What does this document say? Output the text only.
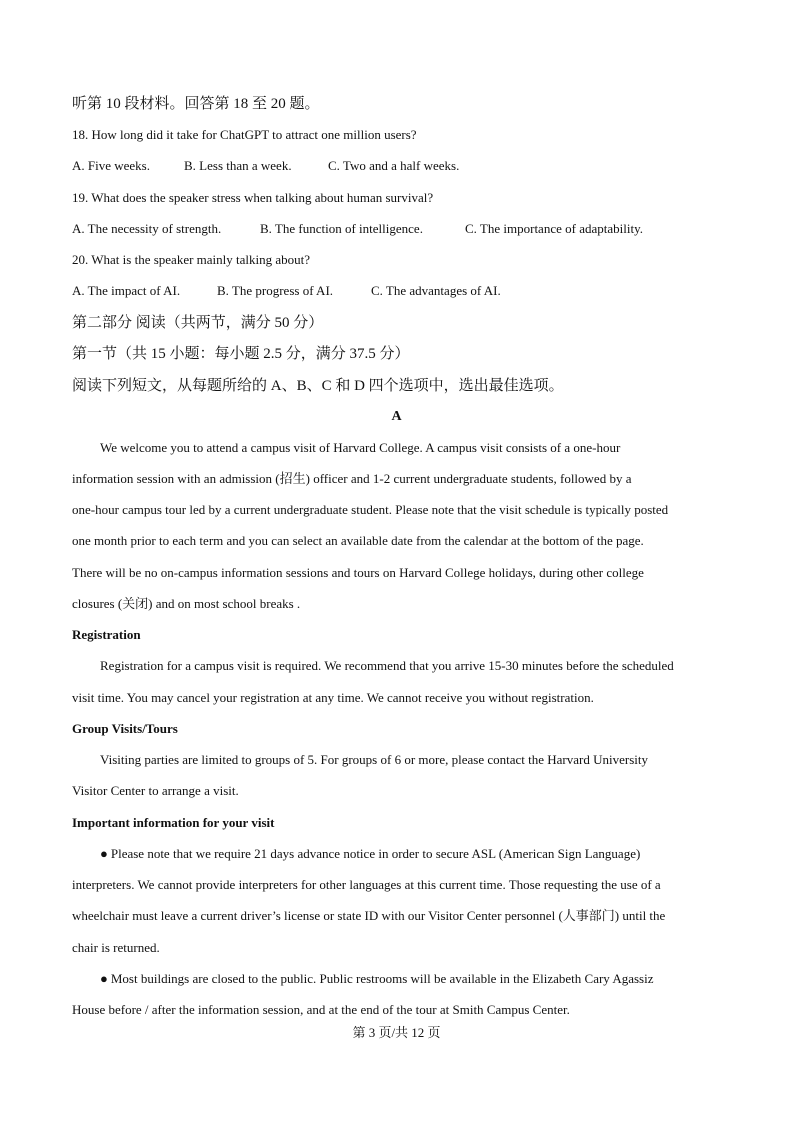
听第 10 段材料。回答第 18 至 20 题。
18. How long did it take for ChatGPT to attract one million users?
A. Five weeks.	B. Less than a week.	C. Two and a half weeks.
19. What does the speaker stress when talking about human survival?
A. The necessity of strength.	B. The function of intelligence.	C. The importance of adaptability.
20. What is the speaker mainly talking about?
A. The impact of AI.	B. The progress of AI.	C. The advantages of AI.
第二部分 阅读（共两节，满分 50 分）
第一节（共 15 小题：每小题 2.5 分，满分 37.5 分）
阅读下列短文，从每题所给的 A、B、C 和 D 四个选项中，选出最佳选项。
A
We welcome you to attend a campus visit of Harvard College. A campus visit consists of a one-hour
information session with an admission (招生) officer and 1-2 current undergraduate students, followed by a
one-hour campus tour led by a current undergraduate student. Please note that the visit schedule is typically posted
one month prior to each term and you can select an available date from the calendar at the bottom of the page.
There will be no on-campus information sessions and tours on Harvard College holidays, during other college
closures (关闭) and on most school breaks .
Registration
Registration for a campus visit is required. We recommend that you arrive 15-30 minutes before the scheduled
visit time. You may cancel your registration at any time. We cannot receive you without registration.
Group Visits/Tours
Visiting parties are limited to groups of 5. For groups of 6 or more, please contact the Harvard University
Visitor Center to arrange a visit.
Important information for your visit
● Please note that we require 21 days advance notice in order to secure ASL (American Sign Language)
interpreters. We cannot provide interpreters for other languages at this current time. Those requesting the use of a
wheelchair must leave a current driver’s license or state ID with our Visitor Center personnel (人事部门) until the
chair is returned.
● Most buildings are closed to the public. Public restrooms will be available in the Elizabeth Cary Agassiz
House before / after the information session, and at the end of the tour at Smith Campus Center.
第 3 页/共 12 页
